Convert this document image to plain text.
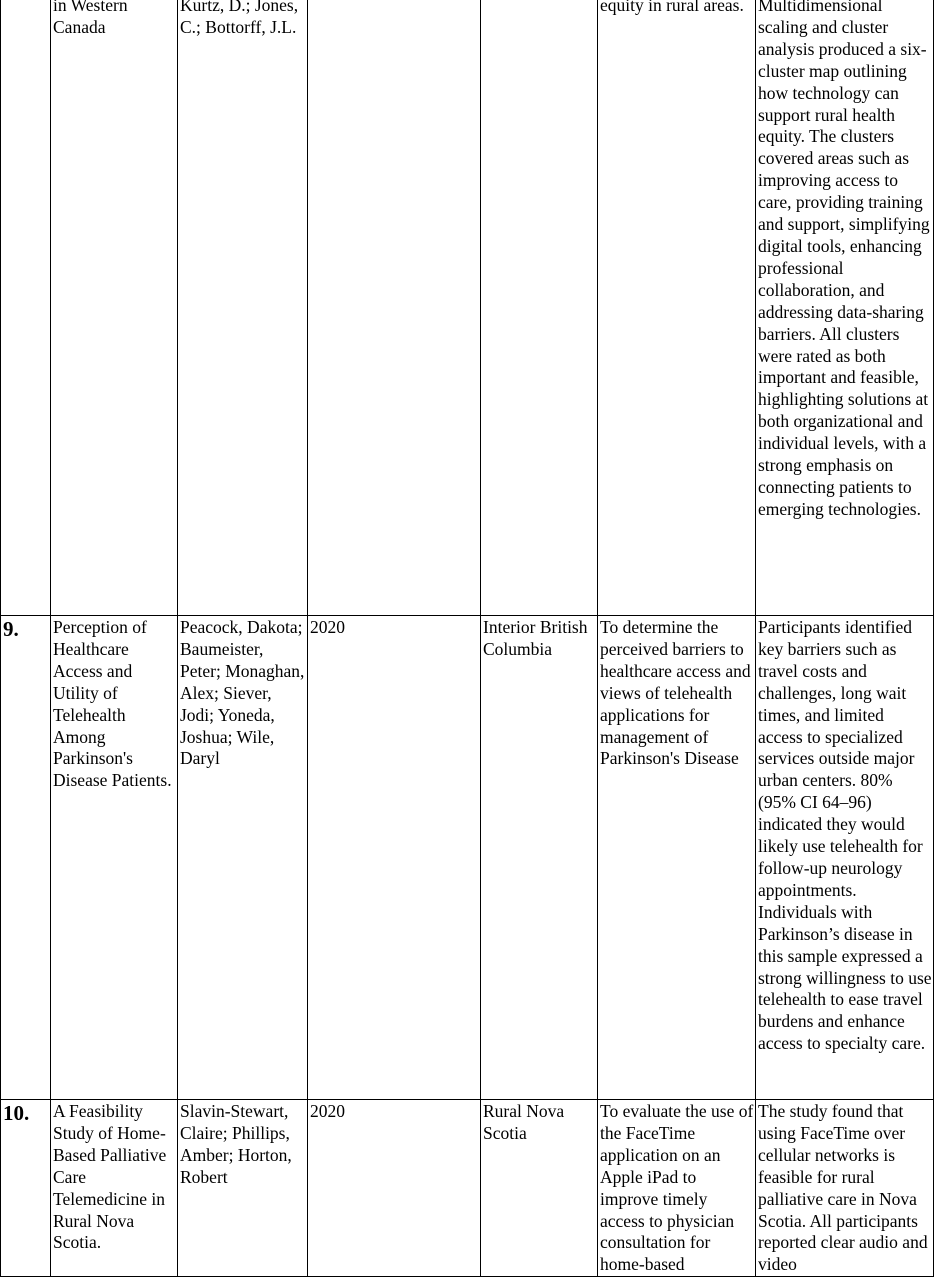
	in Western Canada	Kurtz, D.; Jones, C.; Bottorff, J.L.			equity in rural areas.	Multidimensional scaling and cluster analysis produced a six-cluster map outlining how technology can support rural health equity. The clusters covered areas such as improving access to care, providing training and support, simplifying digital tools, enhancing professional collaboration, and addressing data-sharing barriers. All clusters were rated as both important and feasible, highlighting solutions at both organizational and individual levels, with a strong emphasis on connecting patients to emerging technologies.

9.	Perception of Healthcare Access and Utility of Telehealth Among Parkinson's Disease Patients.	Peacock, Dakota; Baumeister, Peter; Monaghan, Alex; Siever, Jodi; Yoneda, Joshua; Wile, Daryl	2020	Interior British Columbia	To determine the perceived barriers to healthcare access and views of telehealth applications for management of Parkinson's Disease	Participants identified key barriers such as travel costs and challenges, long wait times, and limited access to specialized services outside major urban centers. 80% (95% CI 64–96) indicated they would likely use telehealth for follow-up neurology appointments. Individuals with Parkinson’s disease in this sample expressed a strong willingness to use telehealth to ease travel burdens and enhance access to specialty care.

10.	A Feasibility Study of Home-Based Palliative Care Telemedicine in Rural Nova Scotia.	Slavin-Stewart, Claire; Phillips, Amber; Horton, Robert	2020	Rural Nova Scotia	To evaluate the use of the FaceTime application on an Apple iPad to improve timely access to physician consultation for home-based	The study found that using FaceTime over cellular networks is feasible for rural palliative care in Nova Scotia. All participants reported clear audio and video
